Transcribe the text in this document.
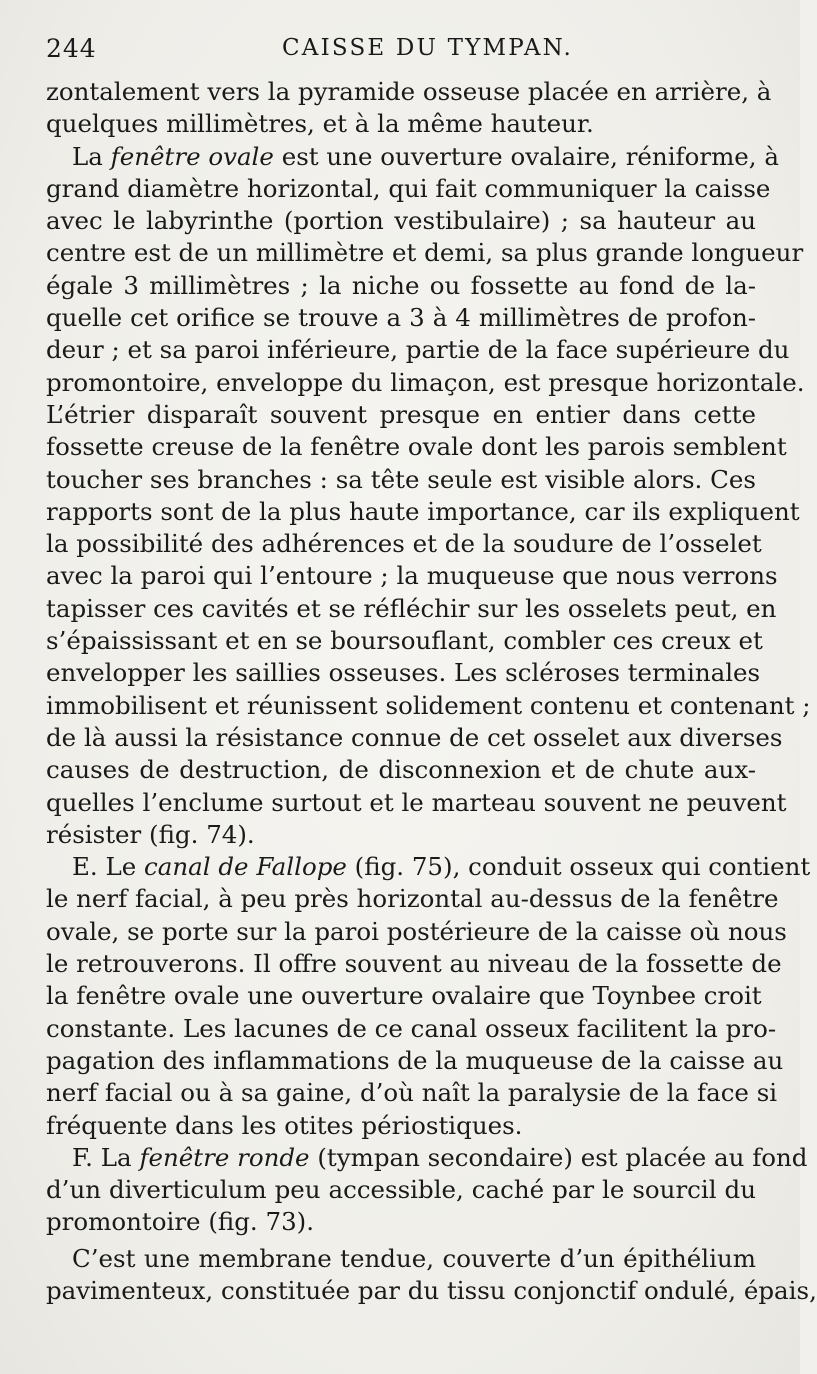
244	CAISSE DU TYMPAN.
zontalement vers la pyramide osseuse placée en arrière, à
quelques millimètres, et à la même hauteur.
La fenêtre ovale est une ouverture ovalaire, réniforme, à
grand diamètre horizontal, qui fait communiquer la caisse
avec le labyrinthe (portion vestibulaire) ; sa hauteur au
centre est de un millimètre et demi, sa plus grande longueur
égale 3 millimètres ; la niche ou fossette au fond de la-
quelle cet orifice se trouve a 3 à 4 millimètres de profon-
deur ; et sa paroi inférieure, partie de la face supérieure du
promontoire, enveloppe du limaçon, est presque horizontale.
L’étrier disparaît souvent presque en entier dans cette
fossette creuse de la fenêtre ovale dont les parois semblent
toucher ses branches : sa tête seule est visible alors. Ces
rapports sont de la plus haute importance, car ils expliquent
la possibilité des adhérences et de la soudure de l’osselet
avec la paroi qui l’entoure ; la muqueuse que nous verrons
tapisser ces cavités et se réfléchir sur les osselets peut, en
s’épaississant et en se boursouflant, combler ces creux et
envelopper les saillies osseuses. Les scléroses terminales
immobilisent et réunissent solidement contenu et contenant ;
de là aussi la résistance connue de cet osselet aux diverses
causes de destruction, de disconnexion et de chute aux-
quelles l’enclume surtout et le marteau souvent ne peuvent
résister (fig. 74).
E. Le canal de Fallope (fig. 75), conduit osseux qui contient
le nerf facial, à peu près horizontal au-dessus de la fenêtre
ovale, se porte sur la paroi postérieure de la caisse où nous
le retrouverons. Il offre souvent au niveau de la fossette de
la fenêtre ovale une ouverture ovalaire que Toynbee croit
constante. Les lacunes de ce canal osseux facilitent la pro-
pagation des inflammations de la muqueuse de la caisse au
nerf facial ou à sa gaine, d’où naît la paralysie de la face si
fréquente dans les otites périostiques.
F. La fenêtre ronde (tympan secondaire) est placée au fond
d’un diverticulum peu accessible, caché par le sourcil du
promontoire (fig. 73).
C’est une membrane tendue, couverte d’un épithélium
pavimenteux, constituée par du tissu conjonctif ondulé, épais,
